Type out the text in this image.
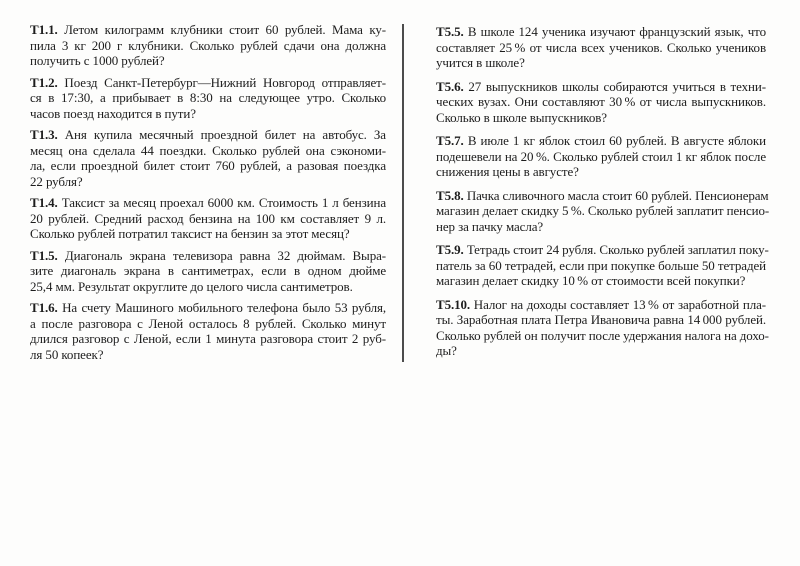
Т1.1. Летом килограмм клубники стоит 60 рублей. Мама ку-
пила 3 кг 200 г клубники. Сколько рублей сдачи она должна
получить с 1000 рублей?
Т1.2. Поезд Санкт-Петербург—Нижний Новгород отправляет-
ся в 17:30, а прибывает в 8:30 на следующее утро. Сколько
часов поезд находится в пути?
Т1.3. Аня купила месячный проездной билет на автобус. За
месяц она сделала 44 поездки. Сколько рублей она сэкономи-
ла, если проездной билет стоит 760 рублей, а разовая поездка
22 рубля?
Т1.4. Таксист за месяц проехал 6000 км. Стоимость 1 л бензина
20 рублей. Средний расход бензина на 100 км составляет 9 л.
Сколько рублей потратил таксист на бензин за этот месяц?
Т1.5. Диагональ экрана телевизора равна 32 дюймам. Выра-
зите диагональ экрана в сантиметрах, если в одном дюйме
25,4 мм. Результат округлите до целого числа сантиметров.
Т1.6. На счету Машиного мобильного телефона было 53 рубля,
а после разговора с Леной осталось 8 рублей. Сколько минут
длился разговор с Леной, если 1 минута разговора стоит 2 руб-
ля 50 копеек?
Т5.5. В школе 124 ученика изучают французский язык, что
составляет 25 % от числа всех учеников. Сколько учеников
учится в школе?
Т5.6. 27 выпускников школы собираются учиться в техни-
ческих вузах. Они составляют 30 % от числа выпускников.
Сколько в школе выпускников?
Т5.7. В июле 1 кг яблок стоил 60 рублей. В августе яблоки
подешевели на 20 %. Сколько рублей стоил 1 кг яблок после
снижения цены в августе?
Т5.8. Пачка сливочного масла стоит 60 рублей. Пенсионерам
магазин делает скидку 5 %. Сколько рублей заплатит пенсио-
нер за пачку масла?
Т5.9. Тетрадь стоит 24 рубля. Сколько рублей заплатил поку-
патель за 60 тетрадей, если при покупке больше 50 тетрадей
магазин делает скидку 10 % от стоимости всей покупки?
Т5.10. Налог на доходы составляет 13 % от заработной пла-
ты. Заработная плата Петра Ивановича равна 14 000 рублей.
Сколько рублей он получит после удержания налога на дохо-
ды?
